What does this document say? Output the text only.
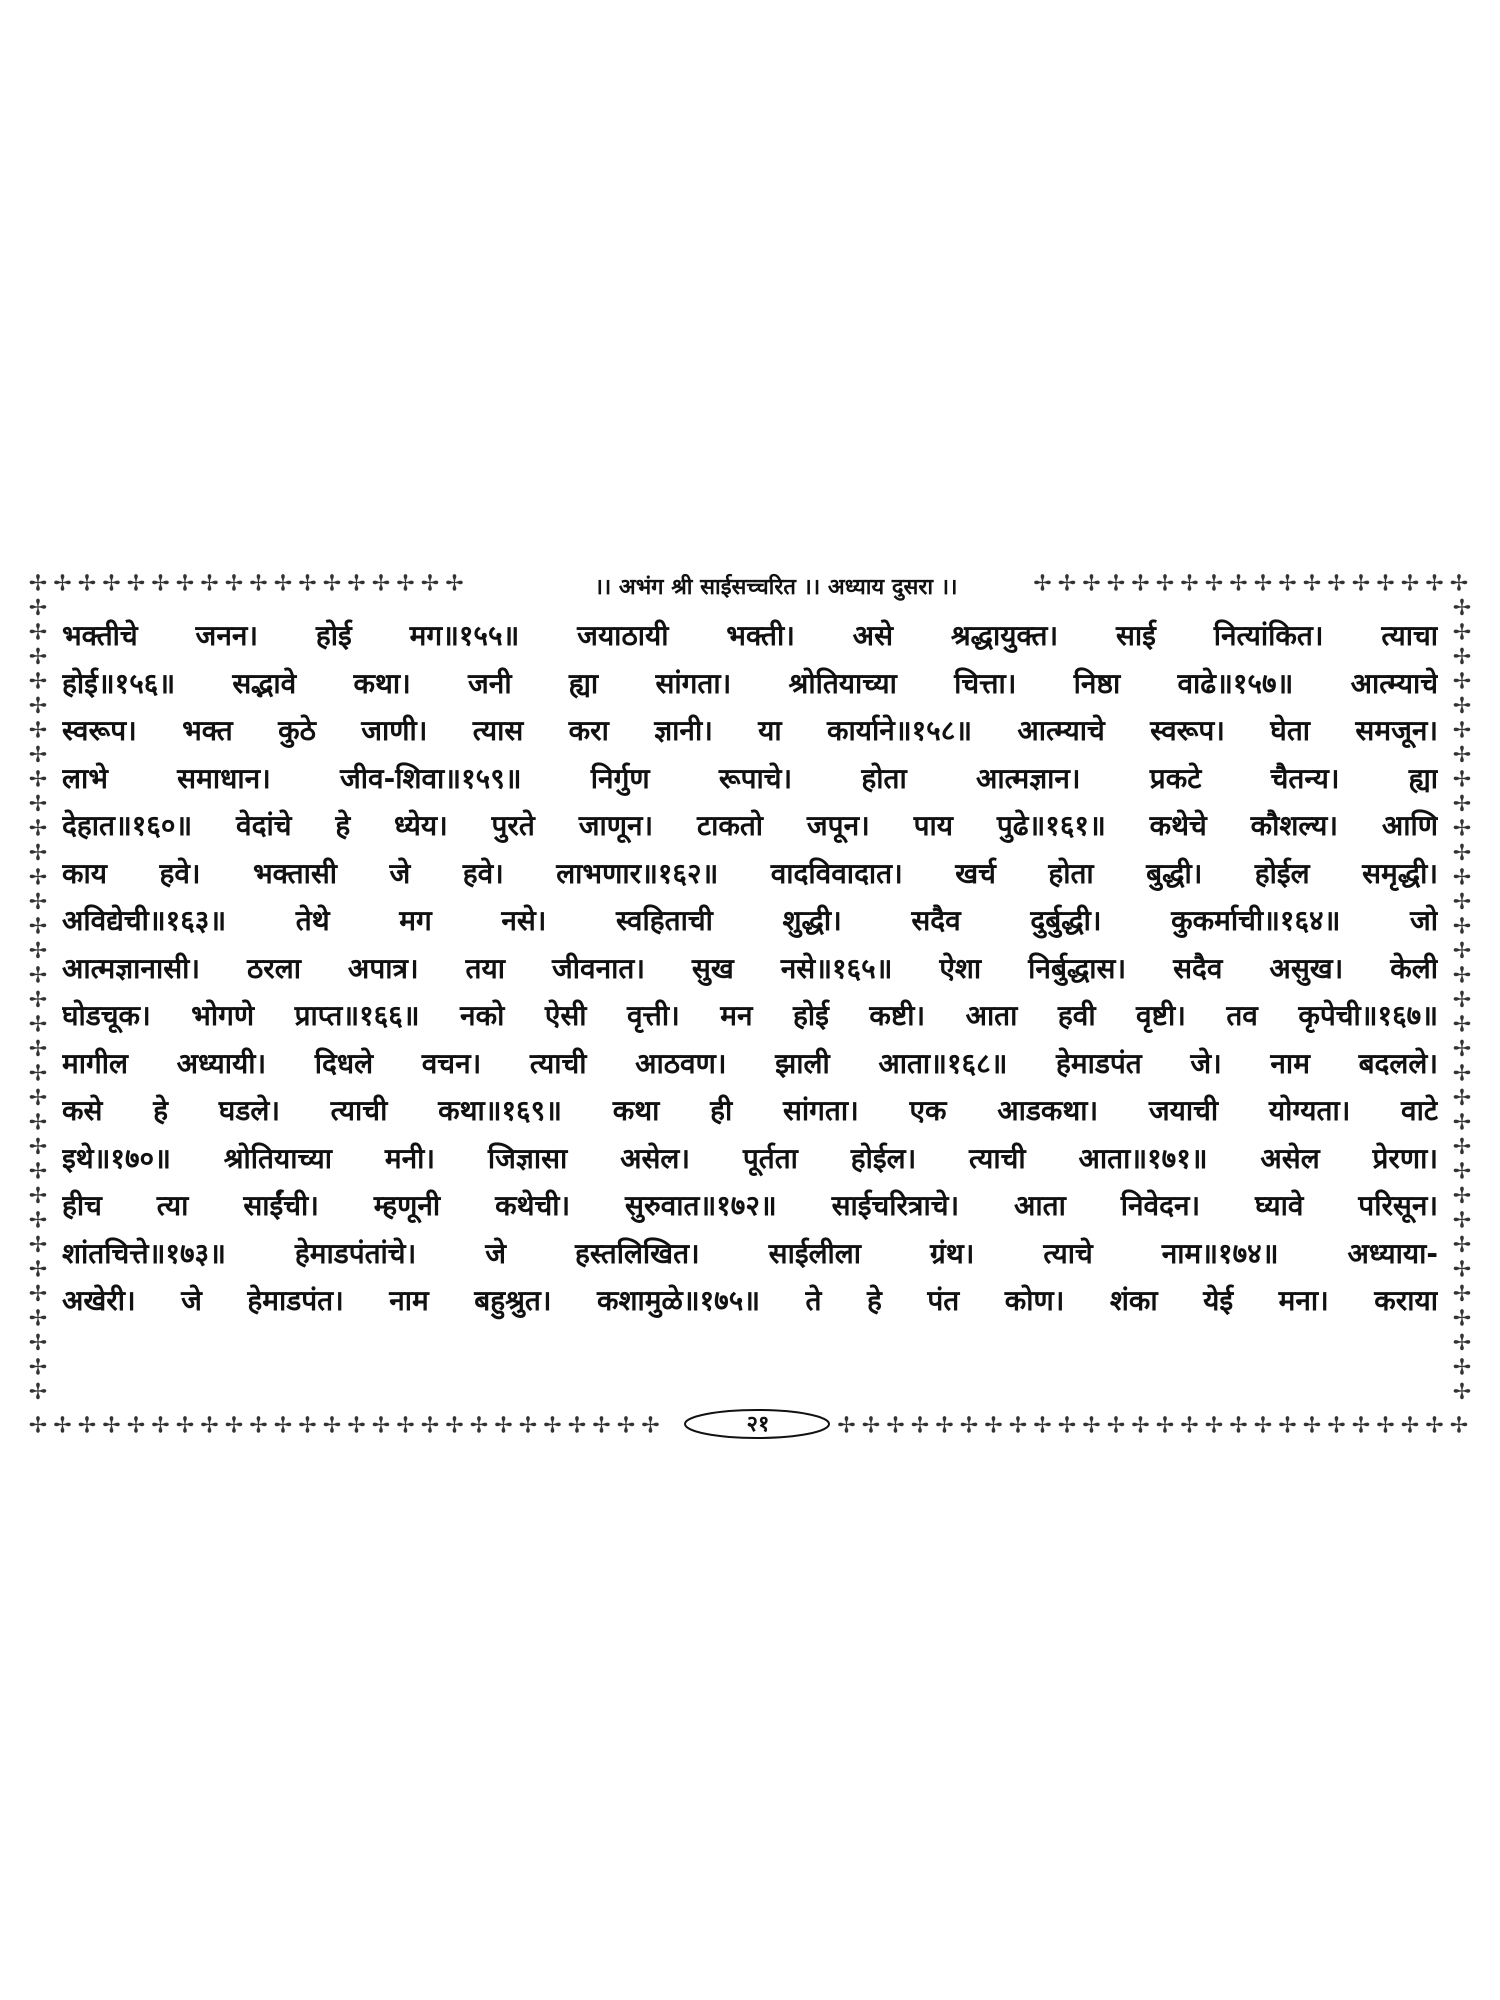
✢ ✢ ✢ ✢ ✢ ✢ ✢ ✢ ✢ ✢ ✢ ✢ ✢ ✢ ✢ ✢ ✢ ✢	✢ ✢ ✢ ✢ ✢ ✢ ✢ ✢ ✢ ✢ ✢ ✢ ✢ ✢ ✢ ✢ ✢ ✢
✢ ✢ ✢ ✢ ✢ ✢ ✢ ✢ ✢ ✢ ✢ ✢ ✢ ✢ ✢ ✢ ✢ ✢ ✢ ✢ ✢ ✢ ✢ ✢ ✢ ✢	✢ ✢ ✢ ✢ ✢ ✢ ✢ ✢ ✢ ✢ ✢ ✢ ✢ ✢ ✢ ✢ ✢ ✢ ✢ ✢ ✢ ✢ ✢ ✢ ✢ ✢
✢	✢
✢	✢
✢	✢
✢	✢
✢	✢
✢	✢
✢	✢
✢	✢
✢	✢
✢	✢
✢	✢
✢	✢
✢	✢
✢	✢
✢	✢
✢	✢
✢	✢
✢	✢
✢	✢
✢	✢
✢	✢
✢	✢
✢	✢
✢	✢
✢	✢
✢	✢
✢	✢
✢	✢
✢	✢
✢	✢
✢	✢
✢	✢
✢	✢
।। अभंग श्री साईसच्चरित ।। अध्याय दुसरा ।।
भक्तीचे जनन। होई मग॥१५५॥ जयाठायी भक्ती। असे श्रद्धायुक्त। साई नित्यांकित। त्याचा
होई॥१५६॥ सद्भावे कथा। जनी ह्या सांगता। श्रोतियाच्या चित्ता। निष्ठा वाढे॥१५७॥ आत्म्याचे
स्वरूप। भक्त कुठे जाणी। त्यास करा ज्ञानी। या कार्याने॥१५८॥ आत्म्याचे स्वरूप। घेता समजून।
लाभे समाधान। जीव-शिवा॥१५९॥ निर्गुण रूपाचे। होता आत्मज्ञान। प्रकटे चैतन्य। ह्या
देहात॥१६०॥ वेदांचे हे ध्येय। पुरते जाणून। टाकतो जपून। पाय पुढे॥१६१॥ कथेचे कौशल्य। आणि
काय हवे। भक्तासी जे हवे। लाभणार॥१६२॥ वादविवादात। खर्च होता बुद्धी। होईल समृद्धी।
अविद्येची॥१६३॥ तेथे मग नसे। स्वहिताची शुद्धी। सदैव दुर्बुद्धी। कुकर्माची॥१६४॥ जो
आत्मज्ञानासी। ठरला अपात्र। तया जीवनात। सुख नसे॥१६५॥ ऐशा निर्बुद्धास। सदैव असुख। केली
घोडचूक। भोगणे प्राप्त॥१६६॥ नको ऐसी वृत्ती। मन होई कष्टी। आता हवी वृष्टी। तव कृपेची॥१६७॥
मागील अध्यायी। दिधले वचन। त्याची आठवण। झाली आता॥१६८॥ हेमाडपंत जे। नाम बदलले।
कसे हे घडले। त्याची कथा॥१६९॥ कथा ही सांगता। एक आडकथा। जयाची योग्यता। वाटे
इथे॥१७०॥ श्रोतियाच्या मनी। जिज्ञासा असेल। पूर्तता होईल। त्याची आता॥१७१॥ असेल प्रेरणा।
हीच त्या साईंची। म्हणूनी कथेची। सुरुवात॥१७२॥ साईचरित्राचे। आता निवेदन। घ्यावे परिसून।
शांतचित्ते॥१७३॥ हेमाडपंतांचे। जे हस्तलिखित। साईलीला ग्रंथ। त्याचे नाम॥१७४॥ अध्याया-
अखेरी। जे हेमाडपंत। नाम बहुश्रुत। कशामुळे॥१७५॥ ते हे पंत कोण। शंका येई मना। कराया
२१
